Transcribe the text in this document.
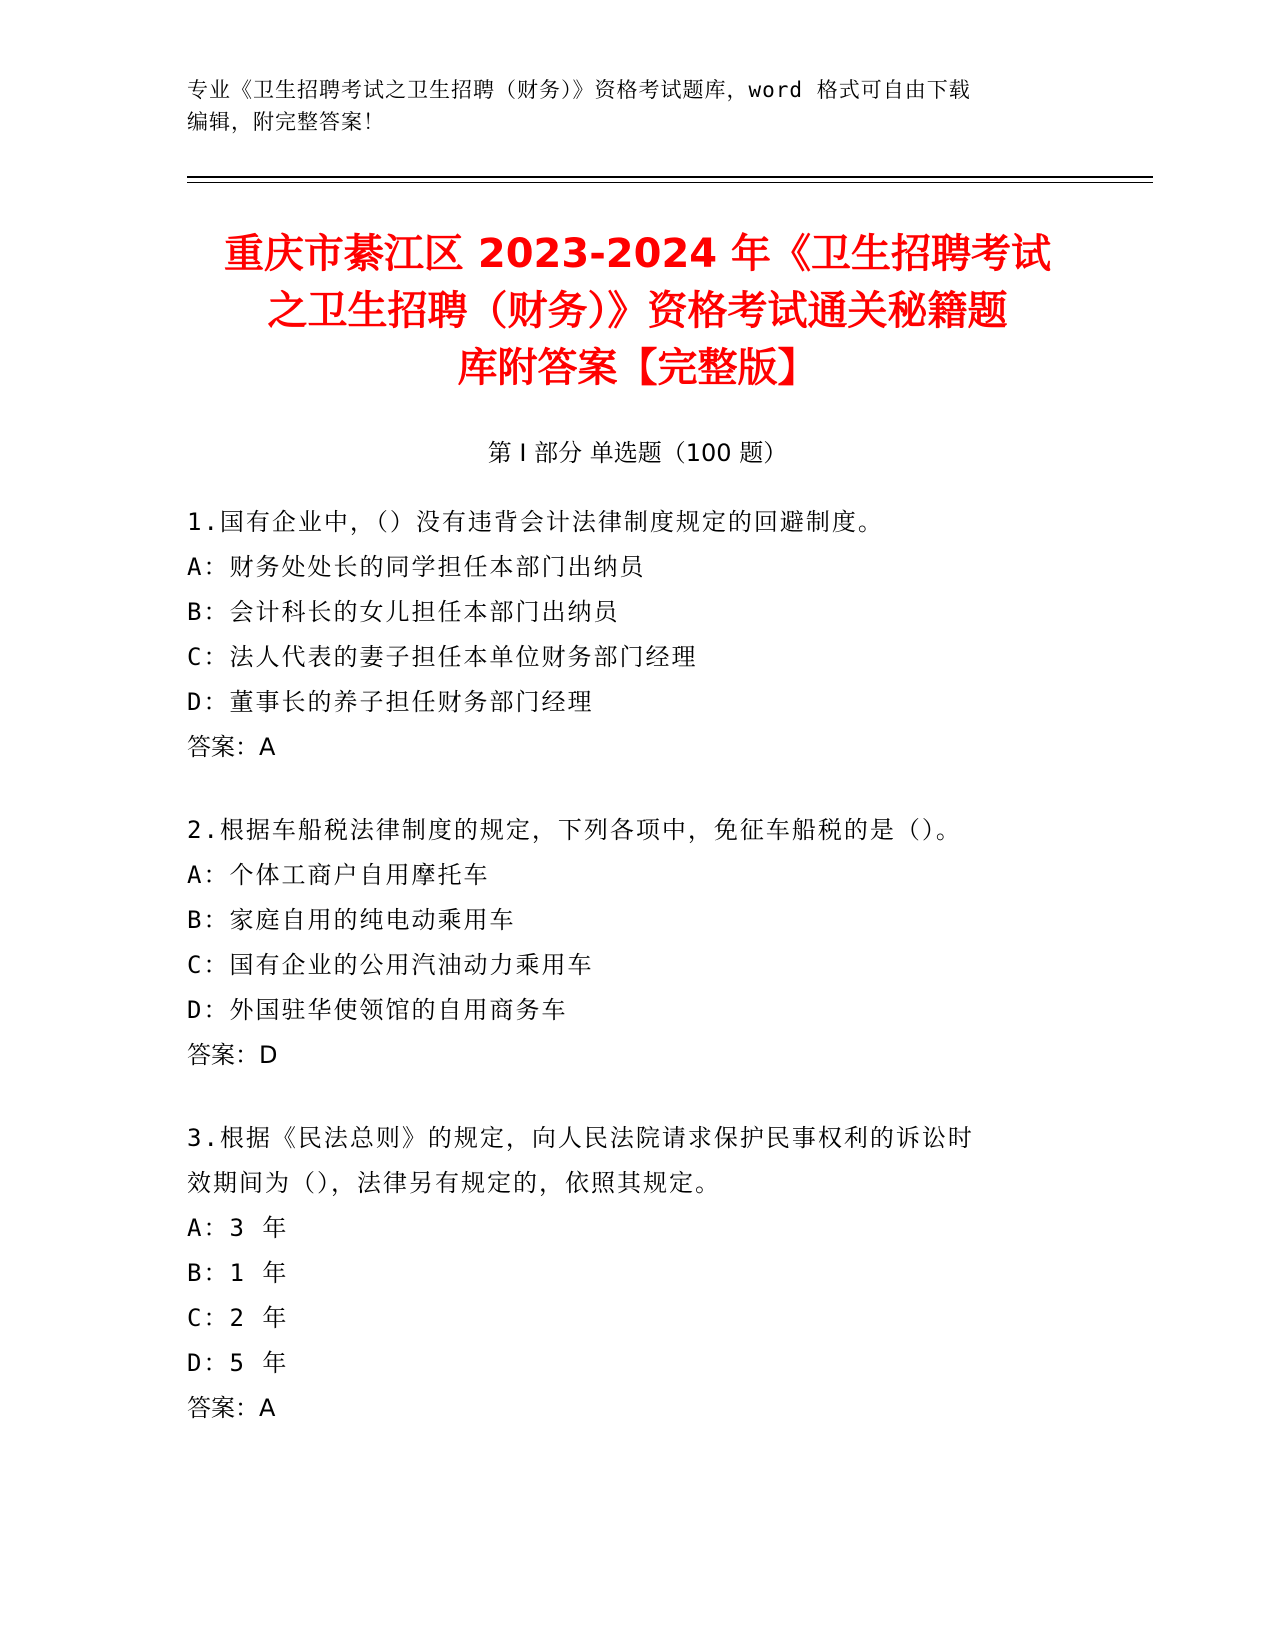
专业《卫生招聘考试之卫生招聘（财务）》资格考试题库，word 格式可自由下载
编辑，附完整答案！
重庆市綦江区 2023-2024 年《卫生招聘考试
之卫生招聘（财务）》资格考试通关秘籍题
库附答案【完整版】
第 I 部分 单选题（100 题）
1.国有企业中，（）没有违背会计法律制度规定的回避制度。
A：财务处处长的同学担任本部门出纳员
B：会计科长的女儿担任本部门出纳员
C：法人代表的妻子担任本单位财务部门经理
D：董事长的养子担任财务部门经理
答案：A
2.根据车船税法律制度的规定，下列各项中，免征车船税的是（）。
A：个体工商户自用摩托车
B：家庭自用的纯电动乘用车
C：国有企业的公用汽油动力乘用车
D：外国驻华使领馆的自用商务车
答案：D
3.根据《民法总则》的规定，向人民法院请求保护民事权利的诉讼时
效期间为（），法律另有规定的，依照其规定。
A：3 年
B：1 年
C：2 年
D：5 年
答案：A
